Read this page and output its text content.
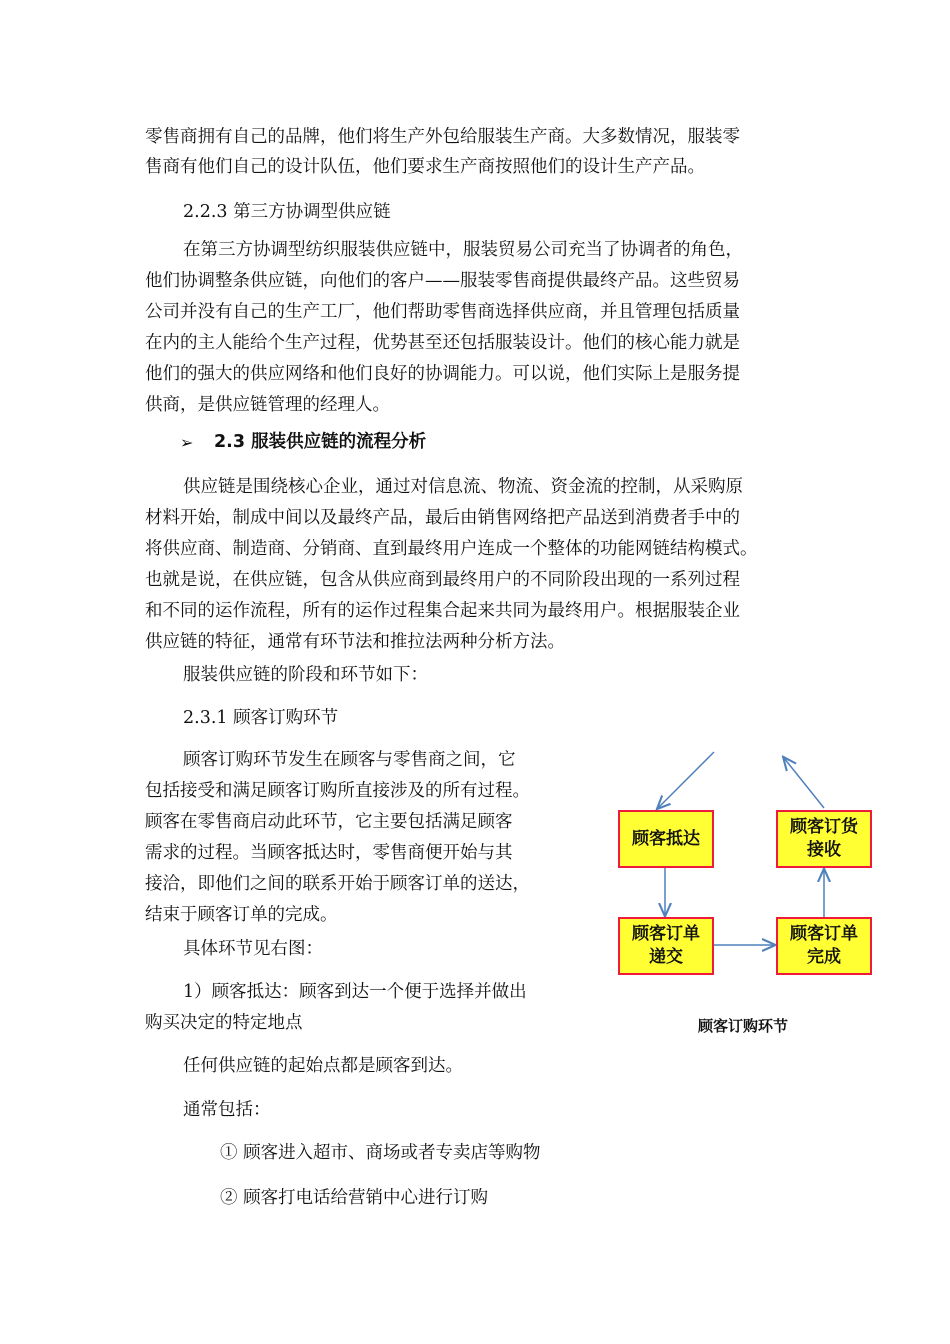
零售商拥有自己的品牌，他们将生产外包给服装生产商。大多数情况，服装零
售商有他们自己的设计队伍，他们要求生产商按照他们的设计生产产品。
2.2.3 第三方协调型供应链
在第三方协调型纺织服装供应链中，服装贸易公司充当了协调者的角色，
他们协调整条供应链，向他们的客户——服装零售商提供最终产品。这些贸易
公司并没有自己的生产工厂，他们帮助零售商选择供应商，并且管理包括质量
在内的主人能给个生产过程，优势甚至还包括服装设计。他们的核心能力就是
他们的强大的供应网络和他们良好的协调能力。可以说，他们实际上是服务提
供商，是供应链管理的经理人。
➢ 2.3 服装供应链的流程分析
供应链是围绕核心企业，通过对信息流、物流、资金流的控制，从采购原
材料开始，制成中间以及最终产品，最后由销售网络把产品送到消费者手中的
将供应商、制造商、分销商、直到最终用户连成一个整体的功能网链结构模式。
也就是说，在供应链，包含从供应商到最终用户的不同阶段出现的一系列过程
和不同的运作流程，所有的运作过程集合起来共同为最终用户。根据服装企业
供应链的特征，通常有环节法和推拉法两种分析方法。
服装供应链的阶段和环节如下：
2.3.1 顾客订购环节
顾客订购环节发生在顾客与零售商之间，它
包括接受和满足顾客订购所直接涉及的所有过程。
顾客在零售商启动此环节，它主要包括满足顾客
需求的过程。当顾客抵达时，零售商便开始与其
接洽，即他们之间的联系开始于顾客订单的送达，
结束于顾客订单的完成。
具体环节见右图：
1）顾客抵达：顾客到达一个便于选择并做出
购买决定的特定地点
任何供应链的起始点都是顾客到达。
通常包括：
① 顾客进入超市、商场或者专卖店等购物
② 顾客打电话给营销中心进行订购
顾客抵达
顾客订货
接收
顾客订单
递交
顾客订单
完成
顾客订购环节
